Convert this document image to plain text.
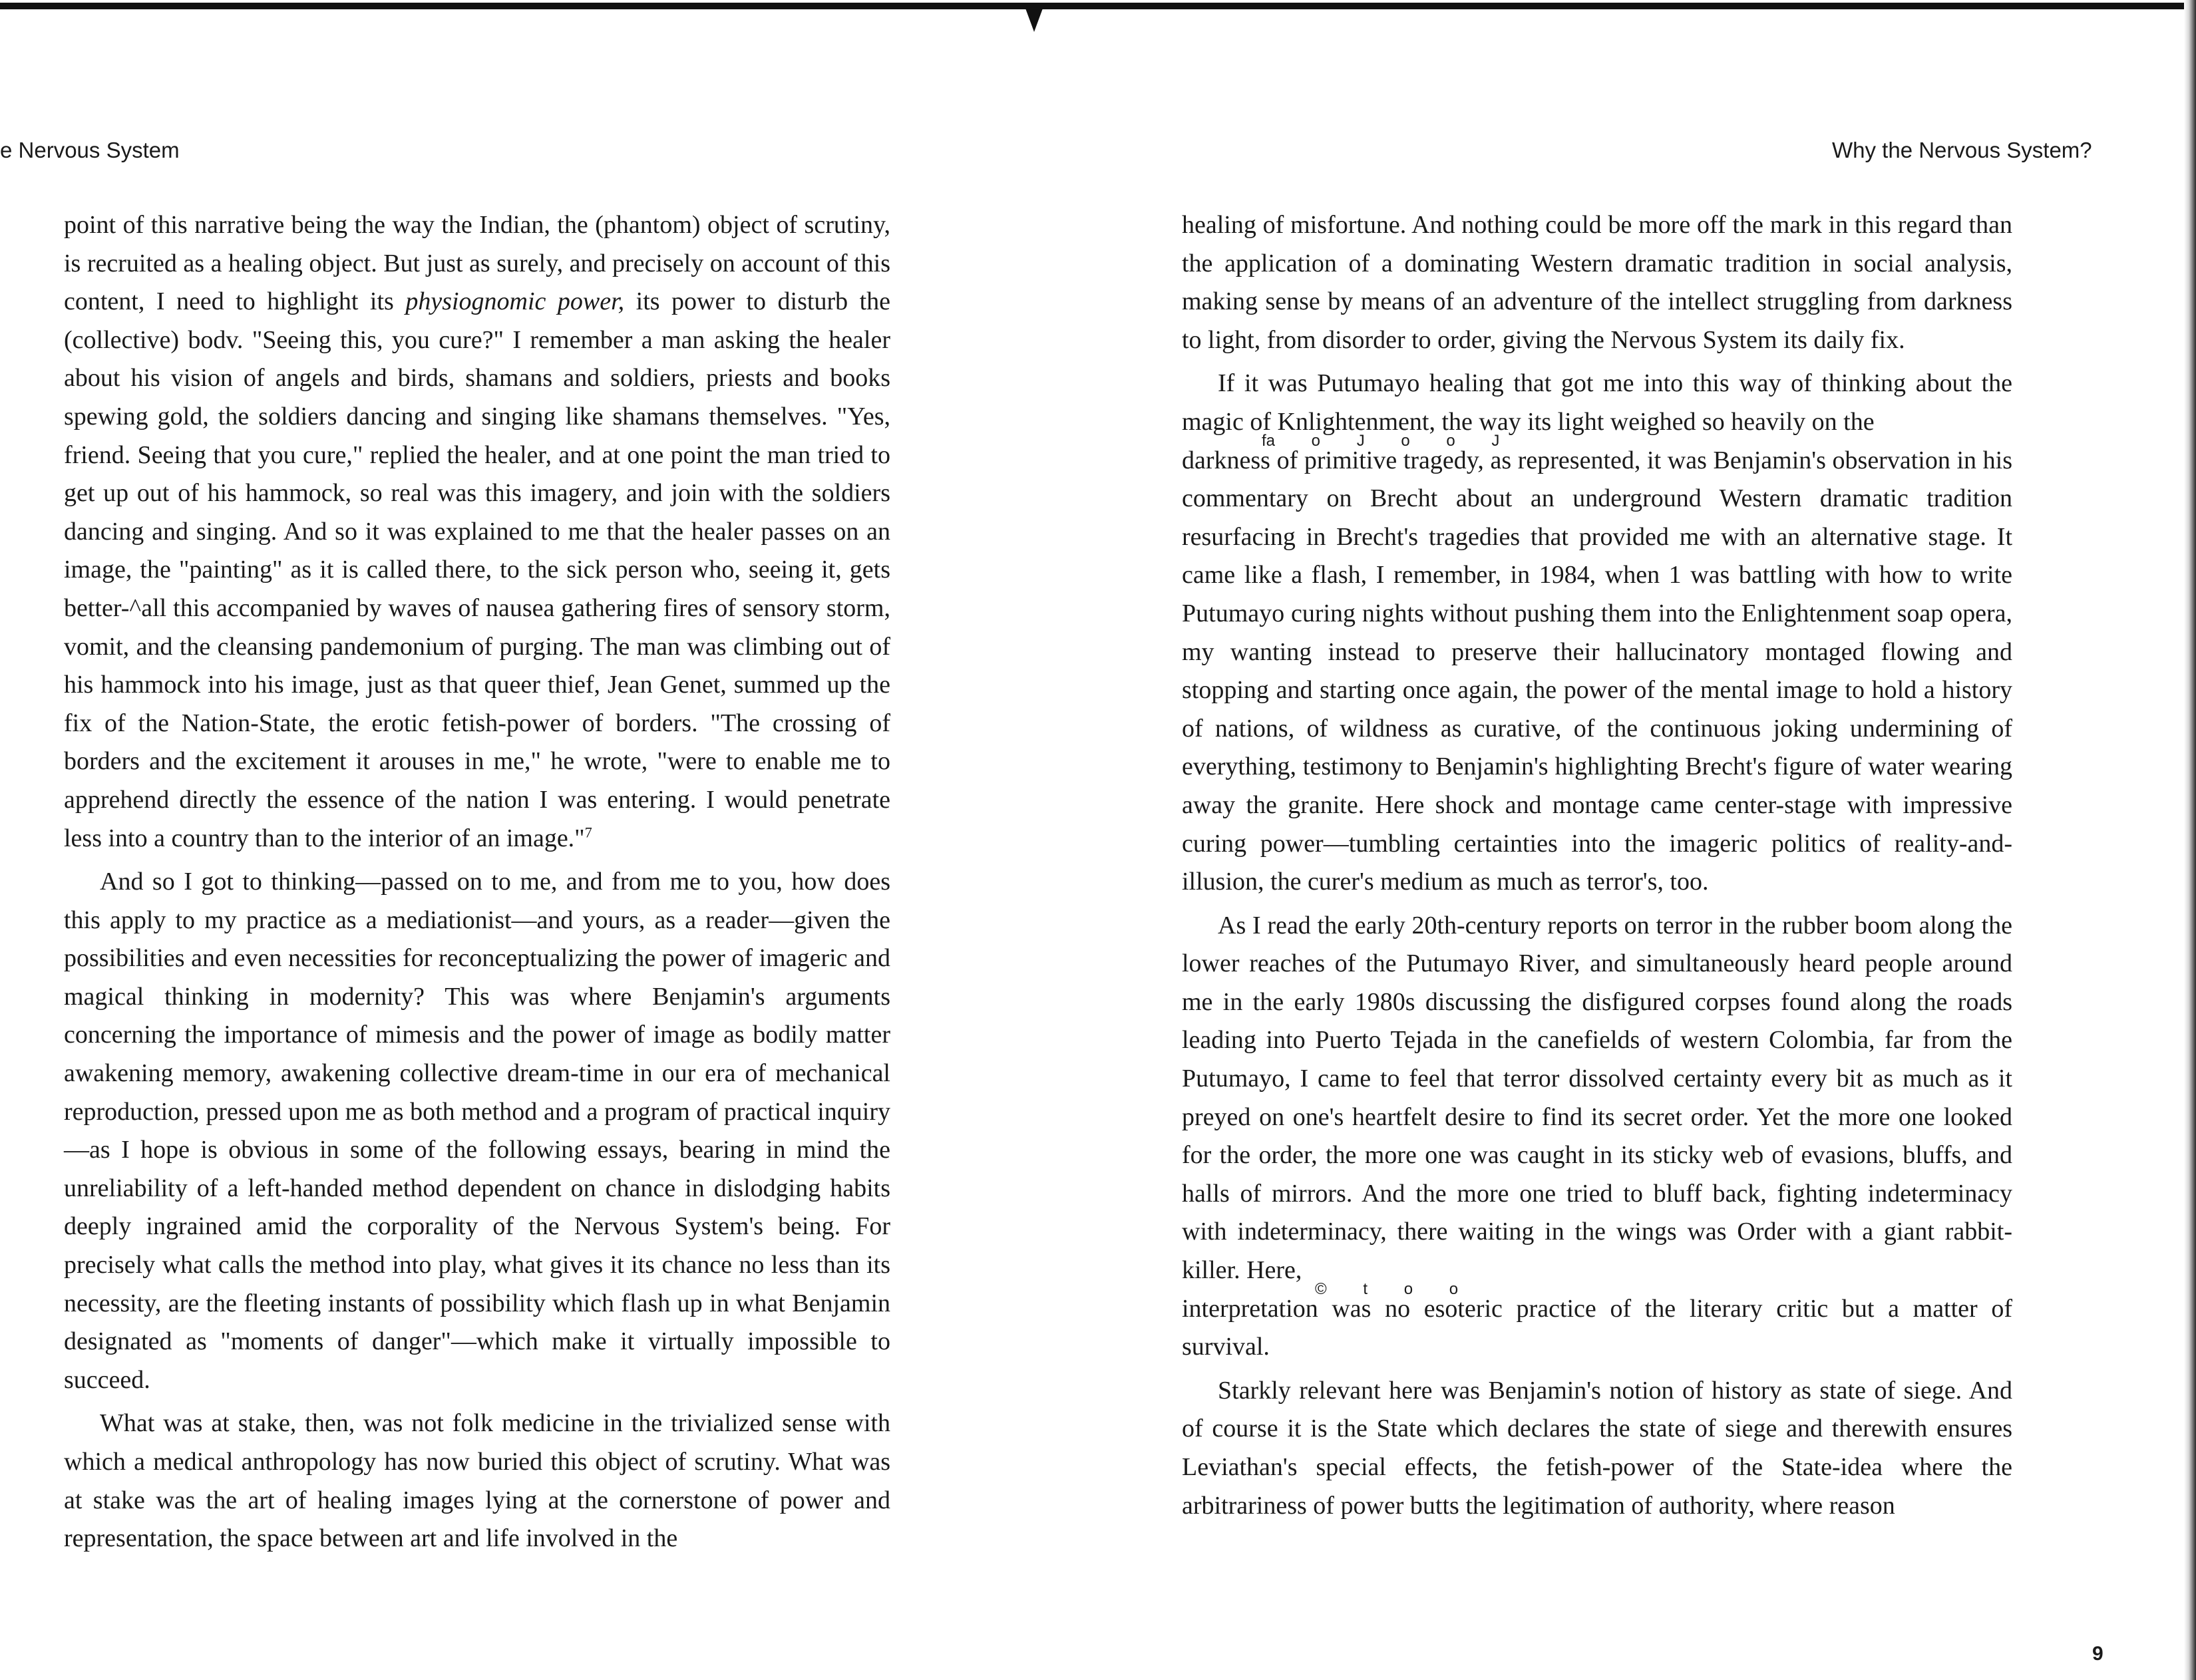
e Nervous System	Why the Nervous System?

point of this narrative being the way the Indian, the (phantom) object of scrutiny, is recruited as a healing object. But just as surely, and precisely on account of this content, I need to highlight its physiognomic power, its power to disturb the (collective) bodv. "Seeing this, you cure?" I remember a man asking the healer about his vision of angels and birds, shamans and soldiers, priests and books spewing gold, the soldiers dancing and singing like shamans themselves. "Yes, friend. Seeing that you cure," replied the healer, and at one point the man tried to get up out of his hammock, so real was this imagery, and join with the soldiers dancing and singing. And so it was explained to me that the healer passes on an image, the "painting" as it is called there, to the sick person who, seeing it, gets better-^all this accompanied by waves of nausea gathering fires of sensory storm, vomit, and the cleansing pandemonium of purging. The man was climbing out of his hammock into his image, just as that queer thief, Jean Genet, summed up the fix of the Nation-State, the erotic fetish-power of borders. "The crossing of borders and the excitement it arouses in me," he wrote, "were to enable me to apprehend directly the essence of the nation I was entering. I would penetrate less into a country than to the interior of an image."$^7$

And so I got to thinking—passed on to me, and from me to you, how does this apply to my practice as a mediationist—and yours, as a reader—given the possibilities and even necessities for reconceptualizing the power of imageric and magical thinking in modernity? This was where Benjamin's arguments concerning the importance of mimesis and the power of image as bodily matter awakening memory, awakening collective dream-time in our era of mechanical reproduction, pressed upon me as both method and a program of practical inquiry—as I hope is obvious in some of the following essays, bearing in mind the unreliability of a left-handed method dependent on chance in dislodging habits deeply ingrained amid the corporality of the Nervous System's being. For precisely what calls the method into play, what gives it its chance no less than its necessity, are the fleeting instants of possibility which flash up in what Benjamin designated as "moments of danger"—which make it virtually impossible to succeed.

What was at stake, then, was not folk medicine in the trivialized sense with which a medical anthropology has now buried this object of scrutiny. What was at stake was the art of healing images lying at the cornerstone of power and representation, the space between art and life involved in the

healing of misfortune. And nothing could be more off the mark in this regard than the application of a dominating Western dramatic tradition in social analysis, making sense by means of an adventure of the intellect struggling from darkness to light, from disorder to order, giving the Nervous System its daily fix.

If it was Putumayo healing that got me into this way of thinking about the magic of Knlightenment, the way its light weighed so heavily on the
fa o J o o J
darkness of primitive tragedy, as represented, it was Benjamin's observation in his commentary on Brecht about an underground Western dramatic tradition resurfacing in Brecht's tragedies that provided me with an alternative stage. It came like a flash, I remember, in 1984, when 1 was battling with how to write Putumayo curing nights without pushing them into the Enlightenment soap opera, my wanting instead to preserve their hallucinatory montaged flowing and stopping and starting once again, the power of the mental image to hold a history of nations, of wildness as curative, of the continuous joking undermining of everything, testimony to Benjamin's highlighting Brecht's figure of water wearing away the granite. Here shock and montage came center-stage with impressive curing power—tumbling certainties into the imageric politics of reality-and-illusion, the curer's medium as much as terror's, too.

As I read the early 20th-century reports on terror in the rubber boom along the lower reaches of the Putumayo River, and simultaneously heard people around me in the early 1980s discussing the disfigured corpses found along the roads leading into Puerto Tejada in the canefields of western Colombia, far from the Putumayo, I came to feel that terror dissolved certainty every bit as much as it preyed on one's heartfelt desire to find its secret order. Yet the more one looked for the order, the more one was caught in its sticky web of evasions, bluffs, and halls of mirrors. And the more one tried to bluff back, fighting indeterminacy with indeterminacy, there waiting in the wings was Order with a giant rabbit-killer. Here,
© t o o
interpretation was no esoteric practice of the literary critic but a matter of survival.

Starkly relevant here was Benjamin's notion of history as state of siege. And of course it is the State which declares the state of siege and therewith ensures Leviathan's special effects, the fetish-power of the State-idea where the arbitrariness of power butts the legitimation of authority, where reason

9
